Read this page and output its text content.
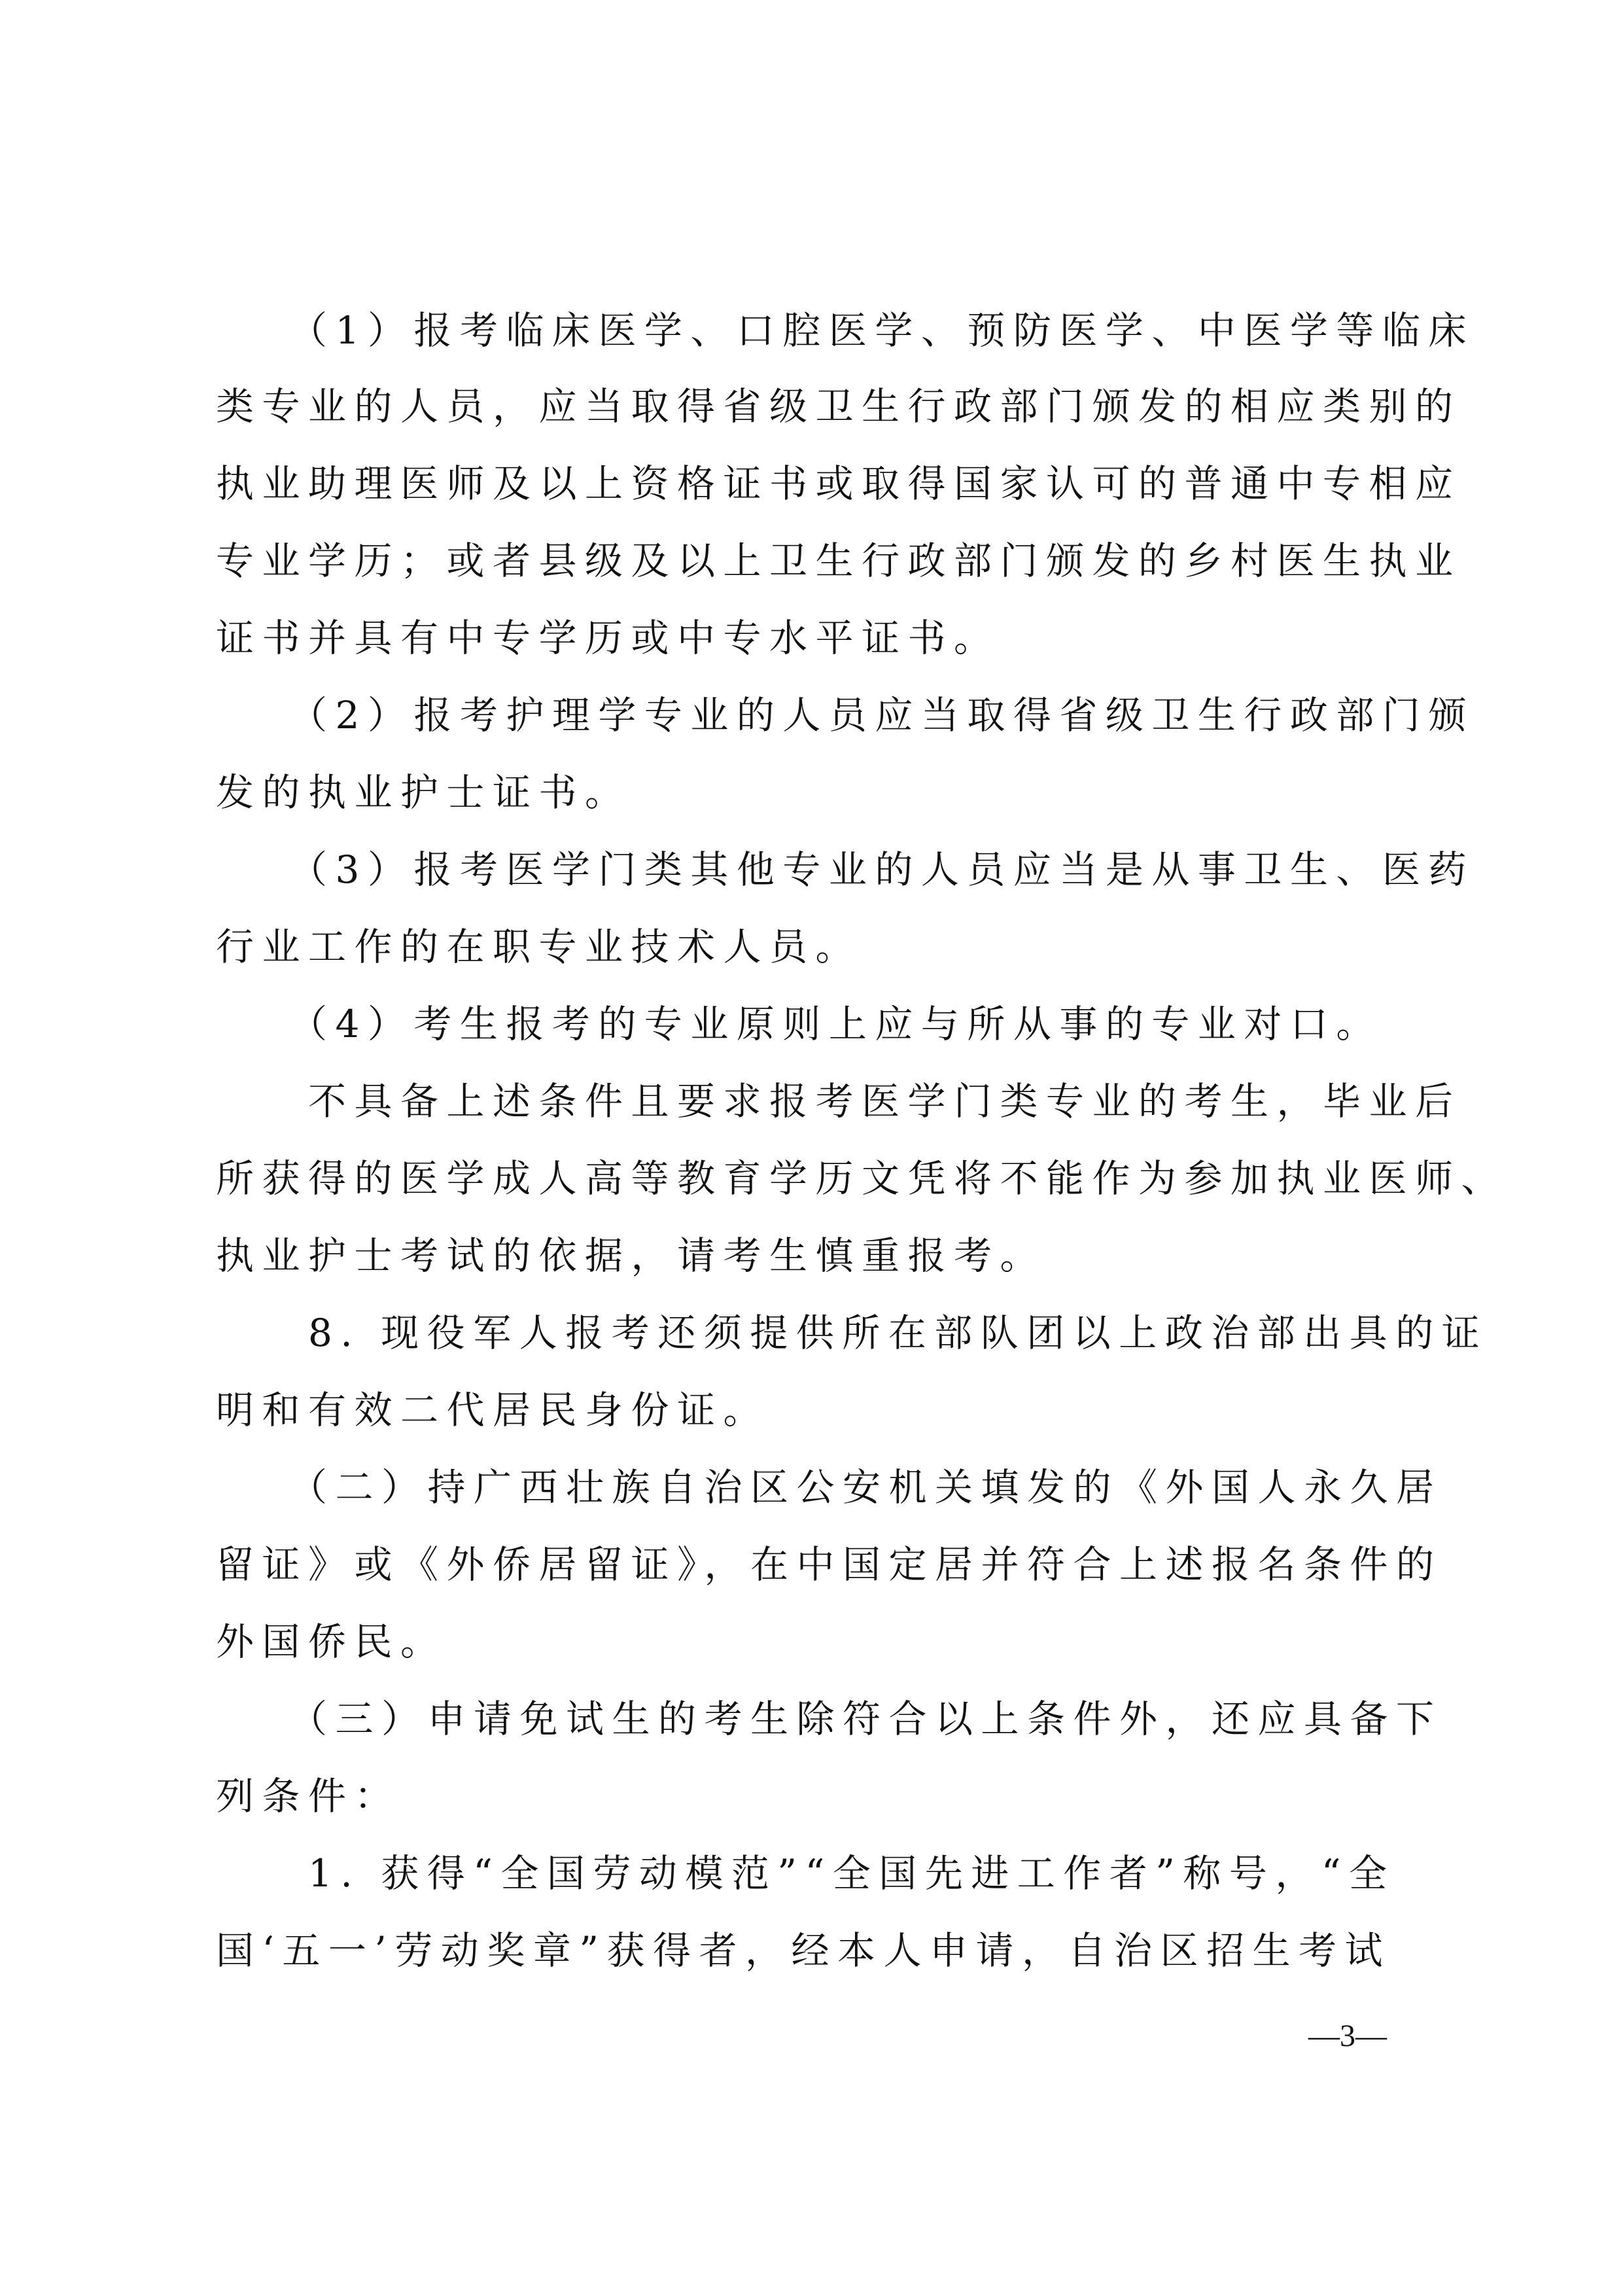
　　（1）报考临床医学、口腔医学、预防医学、中医学等临床
类专业的人员，应当取得省级卫生行政部门颁发的相应类别的
执业助理医师及以上资格证书或取得国家认可的普通中专相应
专业学历；或者县级及以上卫生行政部门颁发的乡村医生执业
证书并具有中专学历或中专水平证书。
　　（2）报考护理学专业的人员应当取得省级卫生行政部门颁
发的执业护士证书。
　　（3）报考医学门类其他专业的人员应当是从事卫生、医药
行业工作的在职专业技术人员。
　　（4）考生报考的专业原则上应与所从事的专业对口。
　　不具备上述条件且要求报考医学门类专业的考生，毕业后
所获得的医学成人高等教育学历文凭将不能作为参加执业医师、
执业护士考试的依据，请考生慎重报考。
　　8. 现役军人报考还须提供所在部队团以上政治部出具的证
明和有效二代居民身份证。
　　（二）持广西壮族自治区公安机关填发的《外国人永久居
留证》或《外侨居留证》，在中国定居并符合上述报名条件的
外国侨民。
　　（三）申请免试生的考生除符合以上条件外，还应具备下
列条件：
　　1. 获得“全国劳动模范”“全国先进工作者”称号，“全
国‘五一’劳动奖章”获得者，经本人申请，自治区招生考试
—3—
